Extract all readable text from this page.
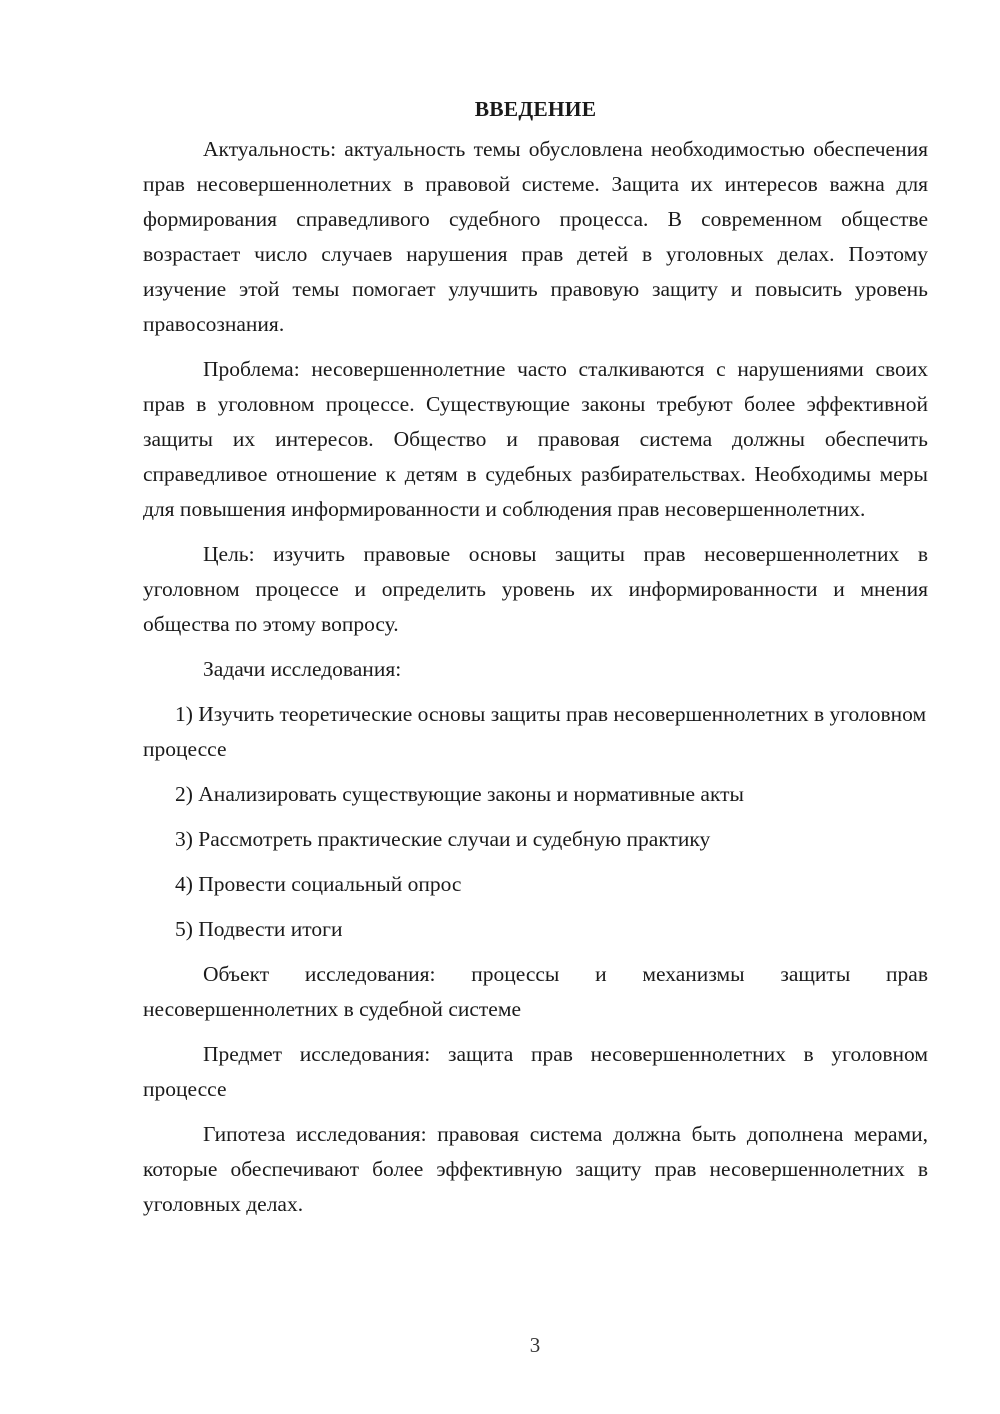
ВВЕДЕНИЕ

Актуальность: актуальность темы обусловлена необходимостью обеспечения прав несовершеннолетних в правовой системе. Защита их интересов важна для формирования справедливого судебного процесса. В современном обществе возрастает число случаев нарушения прав детей в уголовных делах. Поэтому изучение этой темы помогает улучшить правовую защиту и повысить уровень правосознания.

Проблема: несовершеннолетние часто сталкиваются с нарушениями своих прав в уголовном процессе. Существующие законы требуют более эффективной защиты их интересов. Общество и правовая система должны обеспечить справедливое отношение к детям в судебных разбирательствах. Необходимы меры для повышения информированности и соблюдения прав несовершеннолетних.

Цель: изучить правовые основы защиты прав несовершеннолетних в уголовном процессе и определить уровень их информированности и мнения общества по этому вопросу.

Задачи исследования:

1) Изучить теоретические основы защиты прав несовершеннолетних в уголовном процессе

2) Анализировать существующие законы и нормативные акты

3) Рассмотреть практические случаи и судебную практику

4) Провести социальный опрос

5) Подвести итоги

Объект исследования: процессы и механизмы защиты прав несовершеннолетних в судебной системе

Предмет исследования: защита прав несовершеннолетних в уголовном процессе

Гипотеза исследования: правовая система должна быть дополнена мерами, которые обеспечивают более эффективную защиту прав несовершеннолетних в уголовных делах.

3
